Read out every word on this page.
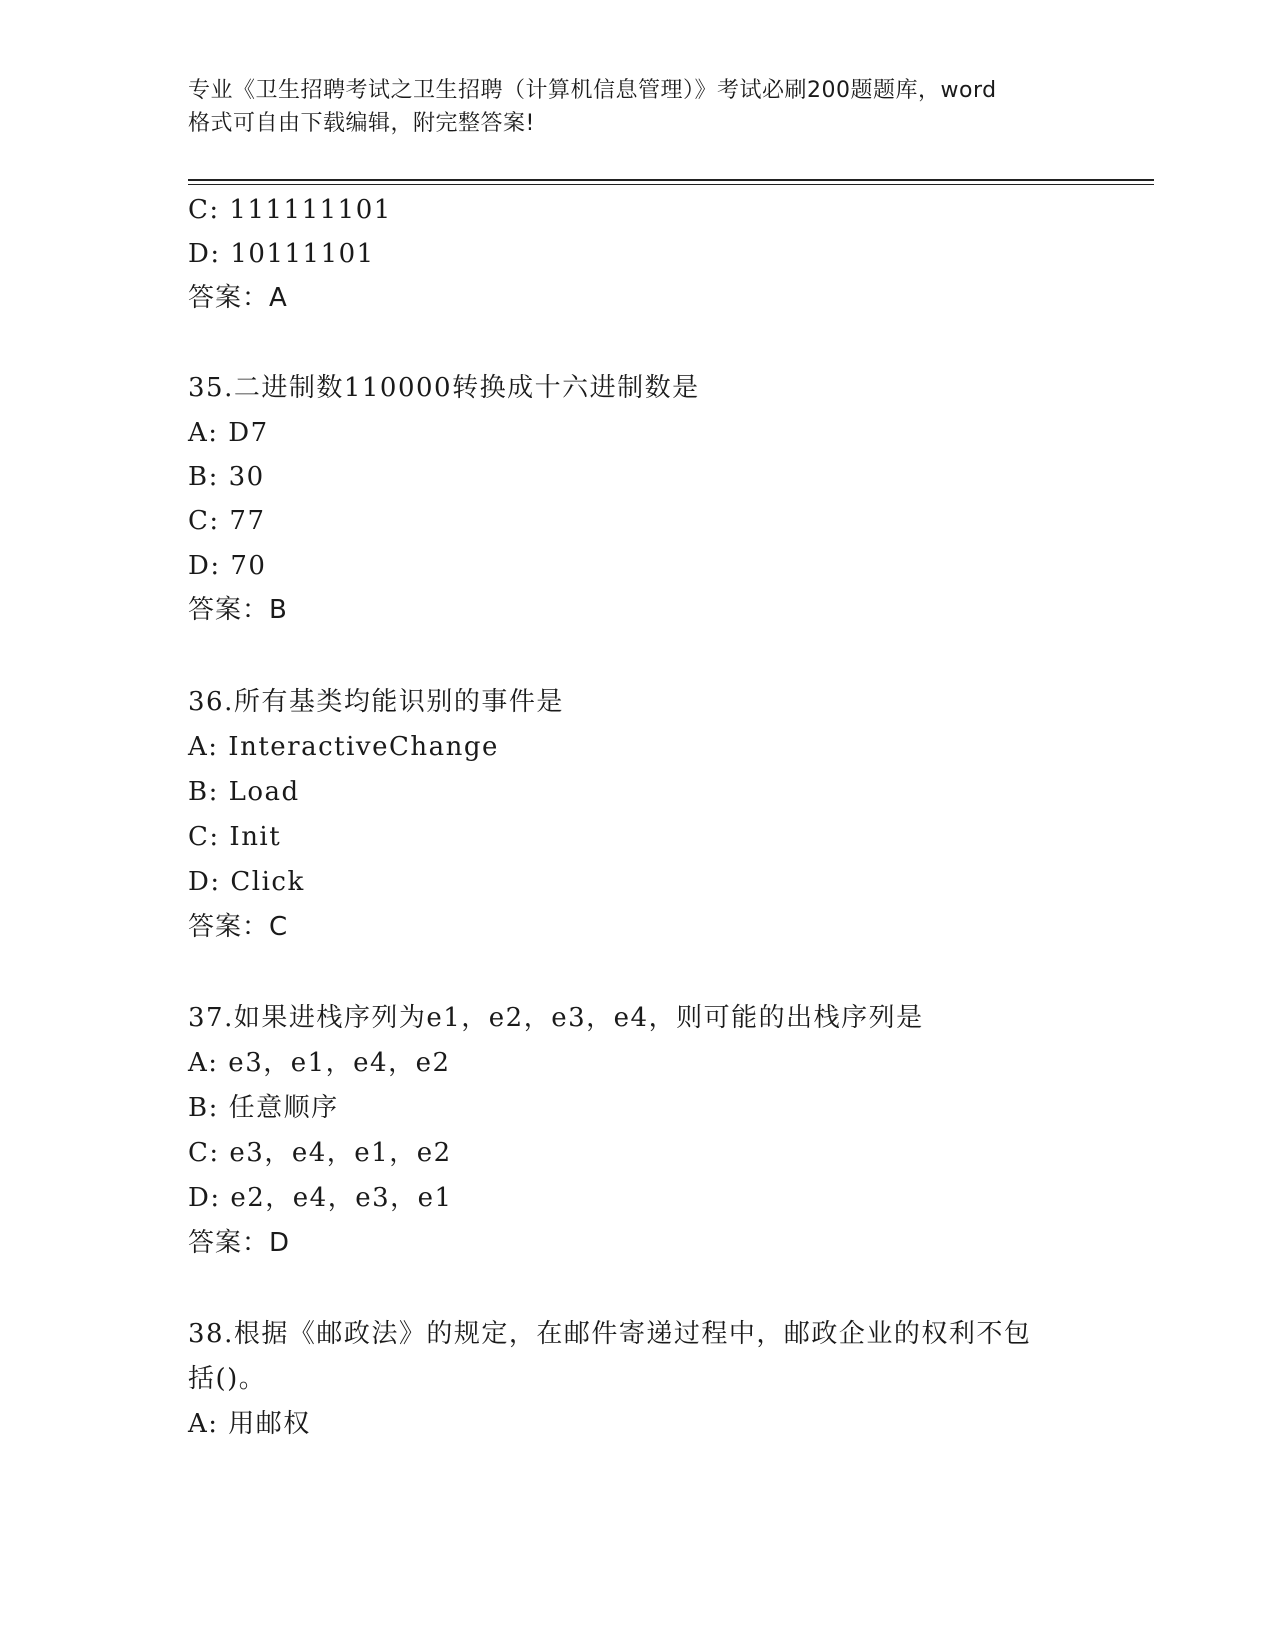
专业《卫生招聘考试之卫生招聘（计算机信息管理）》考试必刷200题题库，word
格式可自由下载编辑，附完整答案!
C: 111111101
D: 10111101
答案：A
35.二进制数110000转换成十六进制数是
A: D7
B: 30
C: 77
D: 70
答案：B
36.所有基类均能识别的事件是
A: InteractiveChange
B: Load
C: Init
D: Click
答案：C
37.如果进栈序列为e1，e2，e3，e4，则可能的出栈序列是
A: e3，e1，e4，e2
B: 任意顺序
C: e3，e4，e1，e2
D: e2，e4，e3，e1
答案：D
38.根据《邮政法》的规定，在邮件寄递过程中，邮政企业的权利不包
括()。
A: 用邮权
